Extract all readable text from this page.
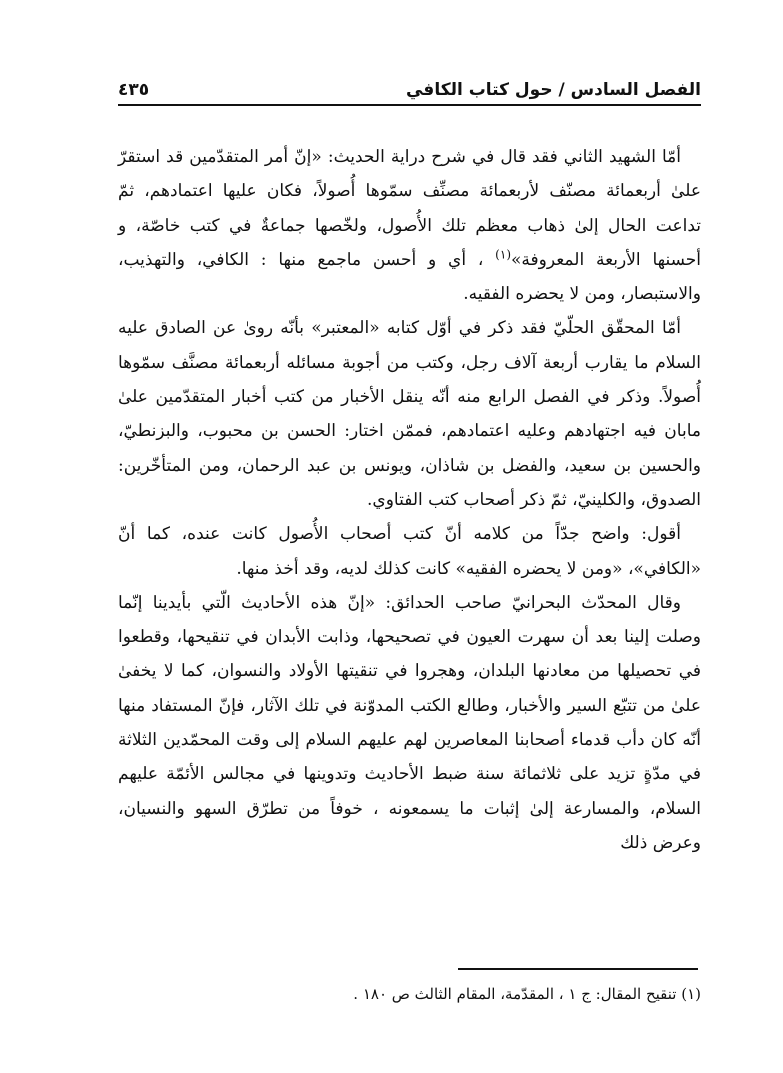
الفصل السادس / حول كتاب الكافي
٤٣٥

أمّا الشهيد الثاني فقد قال في شرح دراية الحديث: «إنّ أمر المتقدّمين قد استقرّ علىٰ أربعمائة مصنّف لأربعمائة مصنِّف سمّوها أُصولاً، فكان عليها اعتمادهم، ثمّ تداعت الحال إلىٰ ذهاب معظم تلك الأُصول، ولخّصها جماعةٌ في كتب خاصّة، و أحسنها الأربعة المعروفة»$^{(١)}$ ، أي و أحسن ماجمع منها : الكافي، والتهذيب، والاستبصار، ومن لا يحضره الفقيه.

أمّا المحقّق الحلّيّ فقد ذكر في أوّل كتابه «المعتبر» بأنّه رویٰ عن الصادق عليه السلام ما يقارب أربعة آلاف رجل، وكتب من أجوبة مسائله أربعمائة مصنَّف سمّوها أُصولاً. وذكر في الفصل الرابع منه أنّه ينقل الأخبار من كتب أخبار المتقدّمين علىٰ مابان فيه اجتهادهم وعليه اعتمادهم، فممّن اختار: الحسن بن محبوب، والبزنطيّ، والحسين بن سعيد، والفضل بن شاذان، ويونس بن عبد الرحمان، ومن المتأخّرين: الصدوق، والكلينيّ، ثمّ ذكر أصحاب كتب الفتاوي.

أقول: واضح جدّاً من كلامه أنّ كتب أصحاب الأُصول كانت عنده، كما أنّ «الكافي»، «ومن لا يحضره الفقيه» كانت كذلك لديه، وقد أخذ منها.

وقال المحدّث البحرانيّ صاحب الحدائق: «إنّ هذه الأحاديث الّتي بأيدينا إنّما وصلت إلينا بعد أن سهرت العيون في تصحيحها، وذابت الأبدان في تنقيحها، وقطعوا في تحصيلها من معادنها البلدان، وهجروا في تنقيتها الأولاد والنسوان، كما لا يخفىٰ علىٰ من تتبّع السير والأخبار، وطالع الكتب المدوّنة في تلك الآثار، فإنّ المستفاد منها أنّه كان دأب قدماء أصحابنا المعاصرين لهم عليهم السلام إلى وقت المحمّدين الثلاثة في مدّةٍ تزيد على ثلاثمائة سنة ضبط الأحاديث وتدوينها في مجالس الأئمّة عليهم السلام، والمسارعة إلىٰ إثبات ما يسمعونه ، خوفاً من تطرّق السهو والنسيان، وعرض ذلك

(١) تنقيح المقال: ج ١ ، المقدّمة، المقام الثالث ص ١٨٠ .
